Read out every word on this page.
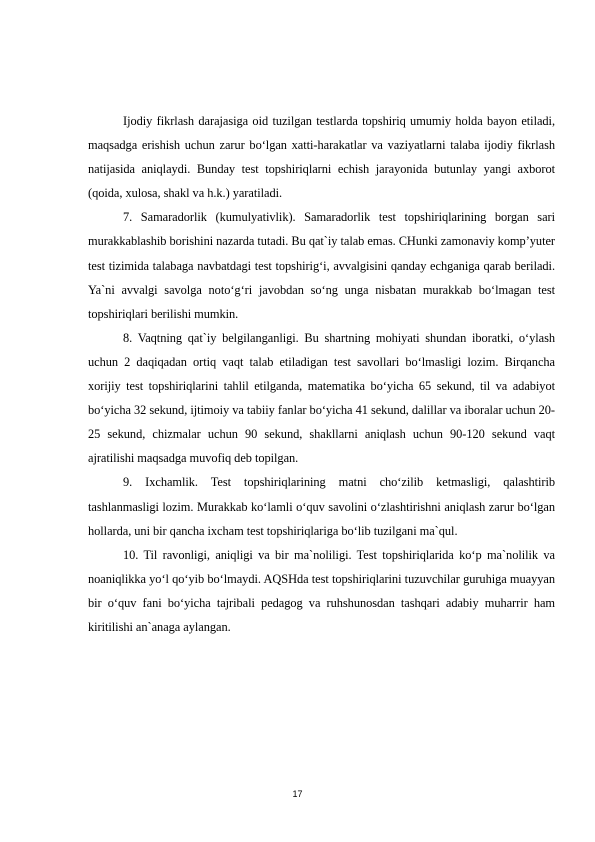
Ijodiy fikrlash darajasiga oid tuzilgan testlarda topshiriq umumiy holda bayon etiladi, maqsadga erishish uchun zarur bo‘lgan xatti-harakatlar va vaziyatlarni talaba ijodiy fikrlash natijasida aniqlaydi. Bunday test topshiriqlarni echish jarayonida butunlay yangi axborot (qoida, xulosa, shakl va h.k.) yaratiladi.

7. Samaradorlik (kumulyativlik). Samaradorlik test topshiriqlarining borgan sari murakkablashib borishini nazarda tutadi. Bu qat`iy talab emas. CHunki zamonaviy komp’yuter test tizimida talabaga navbatdagi test topshirig‘i, avvalgisini qanday echganiga qarab beriladi. Ya`ni avvalgi savolga noto‘g‘ri javobdan so‘ng unga nisbatan murakkab bo‘lmagan test topshiriqlari berilishi mumkin.

8. Vaqtning qat`iy belgilanganligi. Bu shartning mohiyati shundan iboratki, o‘ylash uchun 2 daqiqadan ortiq vaqt talab etiladigan test savollari bo‘lmasligi lozim. Birqancha xorijiy test topshiriqlarini tahlil etilganda, matematika bo‘yicha 65 sekund, til va adabiyot bo‘yicha 32 sekund, ijtimoiy va tabiiy fanlar bo‘yicha 41 sekund, dalillar va iboralar uchun 20-25 sekund, chizmalar uchun 90 sekund, shakllarni aniqlash uchun 90-120 sekund vaqt ajratilishi maqsadga muvofiq deb topilgan.

9. Ixchamlik. Test topshiriqlarining matni cho‘zilib ketmasligi, qalashtirib tashlanmasligi lozim. Murakkab ko‘lamli o‘quv savolini o‘zlashtirishni aniqlash zarur bo‘lgan hollarda, uni bir qancha ixcham test topshiriqlariga bo‘lib tuzilgani ma`qul.

10. Til ravonligi, aniqligi va bir ma`noliligi. Test topshiriqlarida ko‘p ma`nolilik va noaniqlikka yo‘l qo‘yib bo‘lmaydi. AQSHda test topshiriqlarini tuzuvchilar guruhiga muayyan bir o‘quv fani bo‘yicha tajribali pedagog va ruhshunosdan tashqari adabiy muharrir ham kiritilishi an`anaga aylangan.

17
